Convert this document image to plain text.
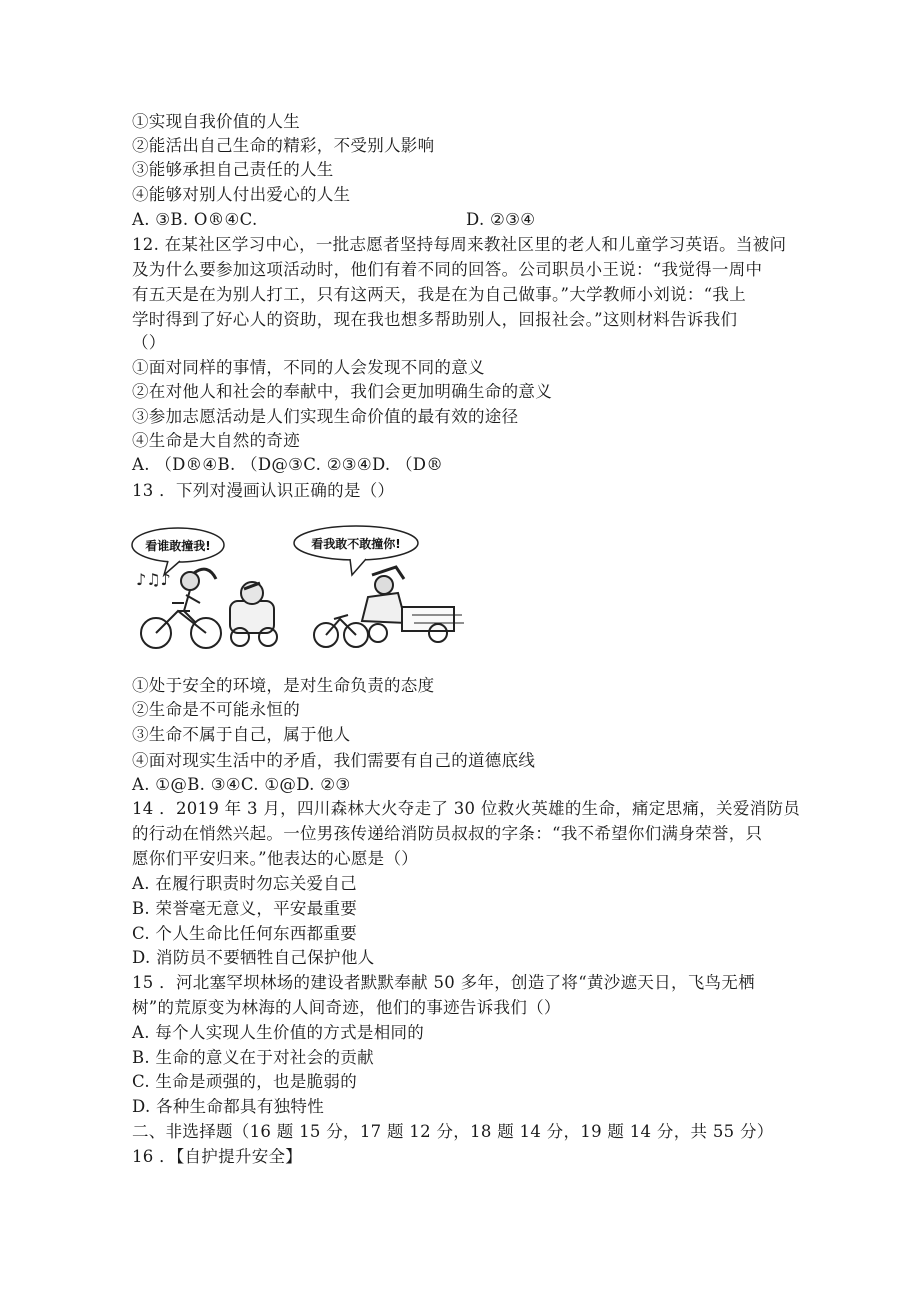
①实现自我价值的人生
②能活出自己生命的精彩，不受别人影响
③能够承担自己责任的人生
④能够对别人付出爱心的人生
A. ③B. O®④C.	D. ②③④
12. 在某社区学习中心，一批志愿者坚持每周来教社区里的老人和儿童学习英语。当被问
及为什么要参加这项活动时，他们有着不同的回答。公司职员小王说：“我觉得一周中
有五天是在为别人打工，只有这两天，我是在为自己做事。”大学教师小刘说：“我上
学时得到了好心人的资助，现在我也想多帮助别人，回报社会。”这则材料告诉我们
（）
①面对同样的事情，不同的人会发现不同的意义
②在对他人和社会的奉献中，我们会更加明确生命的意义
③参加志愿活动是人们实现生命价值的最有效的途径
④生命是大自然的奇迹
A. （D®④B. （D@③C. ②③④D. （D®
13 ．下列对漫画认识正确的是（）
看谁敢撞我!	看我敢不敢撞你!
♪♫♪
①处于安全的环境，是对生命负责的态度
②生命是不可能永恒的
③生命不属于自己，属于他人
④面对现实生活中的矛盾，我们需要有自己的道德底线
A. ①@B. ③④C. ①@D. ②③
14 ．2019 年 3 月，四川森林大火夺走了 30 位救火英雄的生命，痛定思痛，关爱消防员
的行动在悄然兴起。一位男孩传递给消防员叔叔的字条：“我不希望你们满身荣誉，只
愿你们平安归来。”他表达的心愿是（）
A. 在履行职责时勿忘关爱自己
B. 荣誉毫无意义，平安最重要
C. 个人生命比任何东西都重要
D. 消防员不要牺牲自己保护他人
15 ．河北塞罕坝林场的建设者默默奉献 50 多年，创造了将“黄沙遮天日，飞鸟无栖
树”的荒原变为林海的人间奇迹，他们的事迹告诉我们（）
A. 每个人实现人生价值的方式是相同的
B. 生命的意义在于对社会的贡献
C. 生命是顽强的，也是脆弱的
D. 各种生命都具有独特性
二、非选择题（16 题 15 分，17 题 12 分，18 题 14 分，19 题 14 分，共 55 分）
16 ．【自护提升安全】
